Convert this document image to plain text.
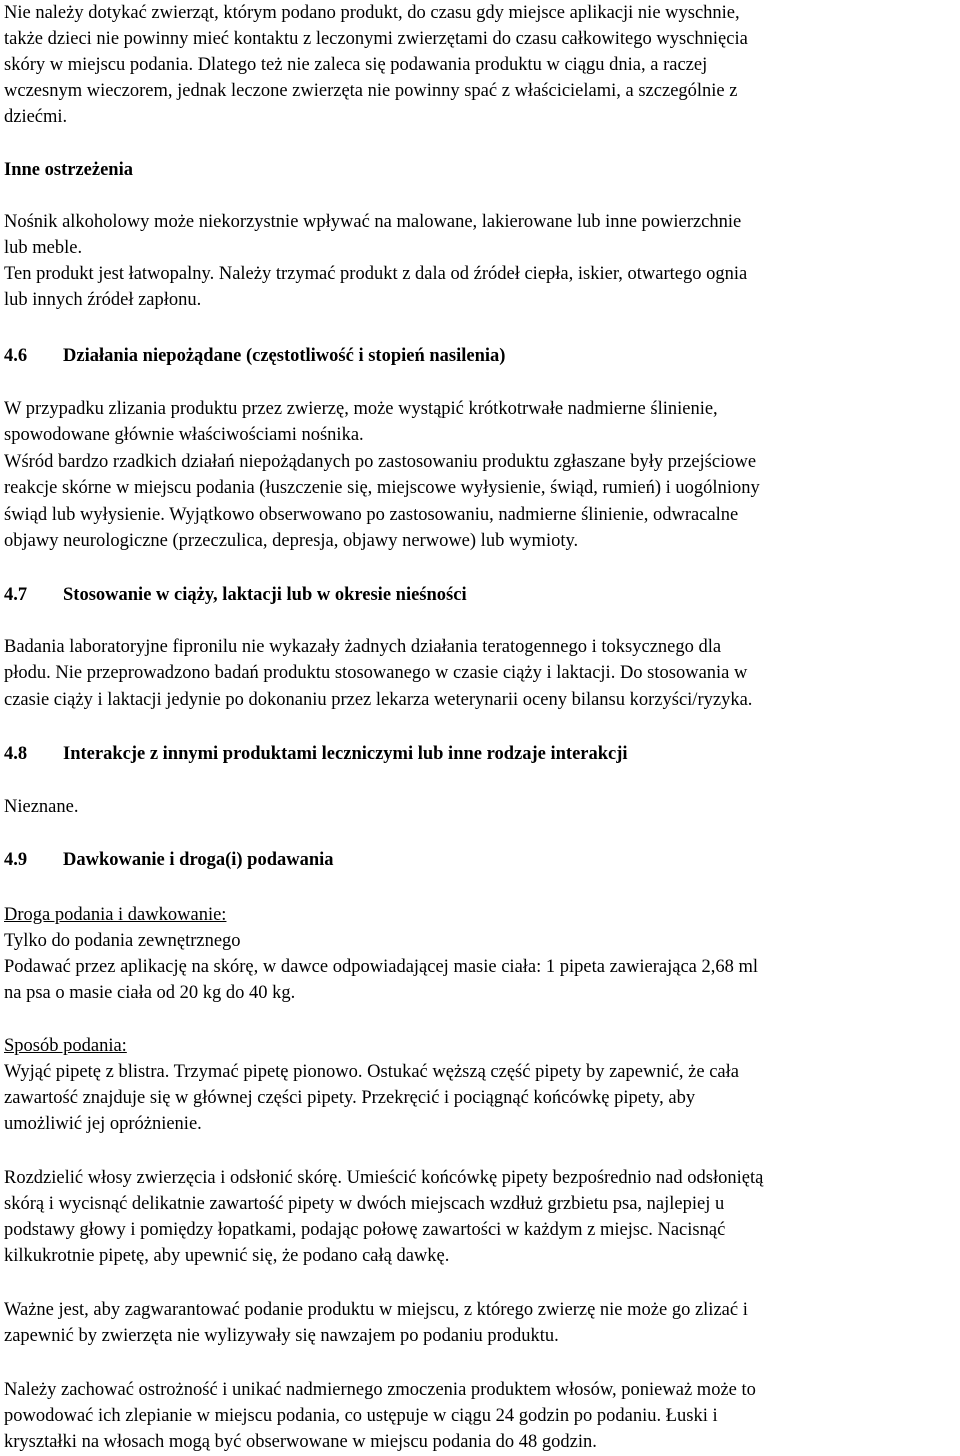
Nie należy dotykać zwierząt, którym podano produkt, do czasu gdy miejsce aplikacji nie wyschnie,
także dzieci nie powinny mieć kontaktu z leczonymi zwierzętami do czasu całkowitego wyschnięcia
skóry w miejscu podania. Dlatego też nie zaleca się podawania produktu w ciągu dnia, a raczej
wczesnym wieczorem, jednak leczone zwierzęta nie powinny spać z właścicielami, a szczególnie z
dziećmi.
Inne ostrzeżenia
Nośnik alkoholowy może niekorzystnie wpływać na malowane, lakierowane lub inne powierzchnie
lub meble.
Ten produkt jest łatwopalny. Należy trzymać produkt z dala od źródeł ciepła, iskier, otwartego ognia
lub innych źródeł zapłonu.
4.6 Działania niepożądane (częstotliwość i stopień nasilenia)
W przypadku zlizania produktu przez zwierzę, może wystąpić krótkotrwałe nadmierne ślinienie,
spowodowane głównie właściwościami nośnika.
Wśród bardzo rzadkich działań niepożądanych po zastosowaniu produktu zgłaszane były przejściowe
reakcje skórne w miejscu podania (łuszczenie się, miejscowe wyłysienie, świąd, rumień) i uogólniony
świąd lub wyłysienie. Wyjątkowo obserwowano po zastosowaniu, nadmierne ślinienie, odwracalne
objawy neurologiczne (przeczulica, depresja, objawy nerwowe) lub wymioty.
4.7 Stosowanie w ciąży, laktacji lub w okresie nieśności
Badania laboratoryjne fipronilu nie wykazały żadnych działania teratogennego i toksycznego dla
płodu. Nie przeprowadzono badań produktu stosowanego w czasie ciąży i laktacji. Do stosowania w
czasie ciąży i laktacji jedynie po dokonaniu przez lekarza weterynarii oceny bilansu korzyści/ryzyka.
4.8 Interakcje z innymi produktami leczniczymi lub inne rodzaje interakcji
Nieznane.
4.9 Dawkowanie i droga(i) podawania
Droga podania i dawkowanie:
Tylko do podania zewnętrznego
Podawać przez aplikację na skórę, w dawce odpowiadającej masie ciała: 1 pipeta zawierająca 2,68 ml
na psa o masie ciała od 20 kg do 40 kg.
Sposób podania:
Wyjąć pipetę z blistra. Trzymać pipetę pionowo. Ostukać węższą część pipety by zapewnić, że cała
zawartość znajduje się w głównej części pipety. Przekręcić i pociągnąć końcówkę pipety, aby
umożliwić jej opróżnienie.
Rozdzielić włosy zwierzęcia i odsłonić skórę. Umieścić końcówkę pipety bezpośrednio nad odsłoniętą
skórą i wycisnąć delikatnie zawartość pipety w dwóch miejscach wzdłuż grzbietu psa, najlepiej u
podstawy głowy i pomiędzy łopatkami, podając połowę zawartości w każdym z miejsc. Nacisnąć
kilkukrotnie pipetę, aby upewnić się, że podano całą dawkę.
Ważne jest, aby zagwarantować podanie produktu w miejscu, z którego zwierzę nie może go zlizać i
zapewnić by zwierzęta nie wylizywały się nawzajem po podaniu produktu.
Należy zachować ostrożność i unikać nadmiernego zmoczenia produktem włosów, ponieważ może to
powodować ich zlepianie w miejscu podania, co ustępuje w ciągu 24 godzin po podaniu. Łuski i
kryształki na włosach mogą być obserwowane w miejscu podania do 48 godzin.
